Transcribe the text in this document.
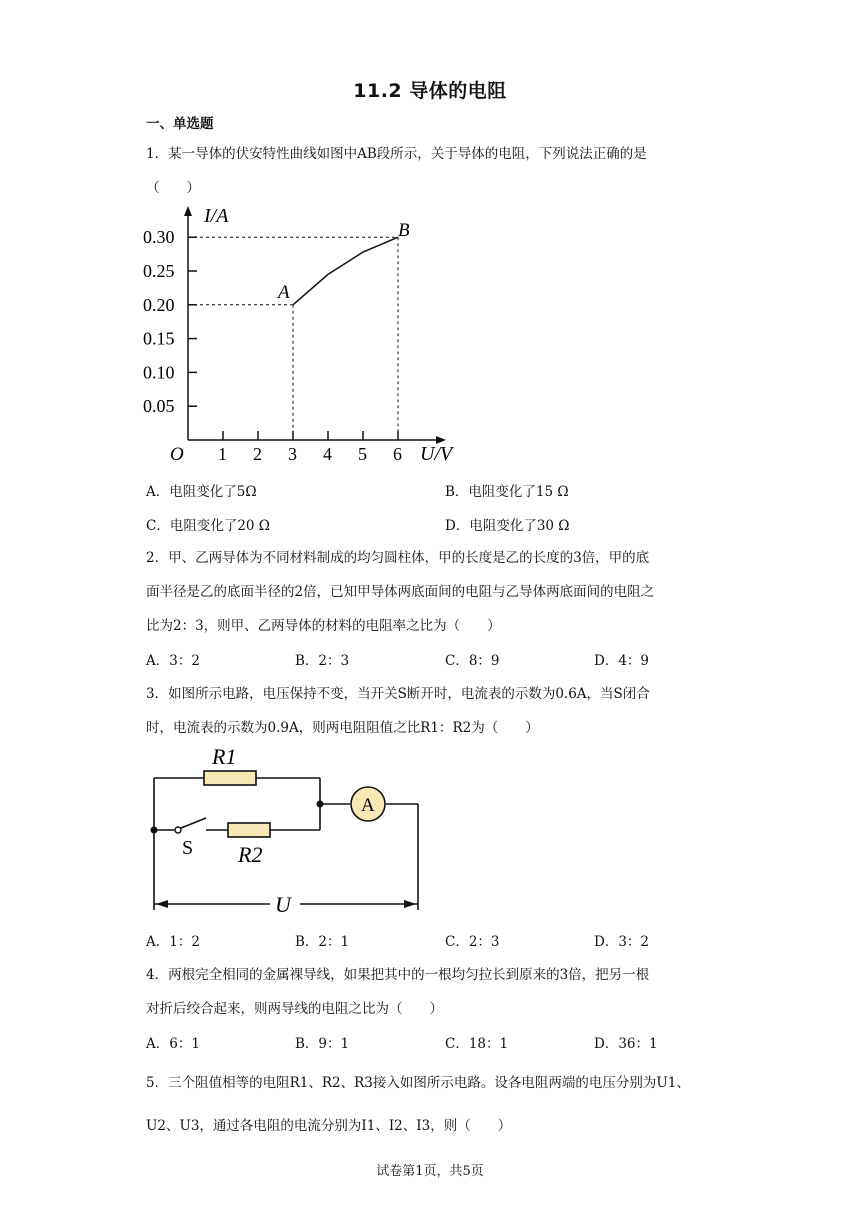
11.2 导体的电阻
一、单选题
1．某一导体的伏安特性曲线如图中AB段所示，关于导体的电阻，下列说法正确的是
（　　）
0.05
0.10
0.15
0.20
0.25
0.30
1 2 3 4 5 6
I/A
U/V
O
A
B
A．电阻变化了5Ω	B．电阻变化了15 Ω
C．电阻变化了20 Ω	D．电阻变化了30 Ω
2．甲、乙两导体为不同材料制成的均匀圆柱体，甲的长度是乙的长度的3倍，甲的底
面半径是乙的底面半径的2倍，已知甲导体两底面间的电阻与乙导体两底面间的电阻之
比为2：3，则甲、乙两导体的材料的电阻率之比为（　　）
A．3：2	B．2：3	C．8：9	D．4：9
3．如图所示电路，电压保持不变，当开关S断开时，电流表的示数为0.6A，当S闭合
时，电流表的示数为0.9A，则两电阻阻值之比R1：R2为（　　）
R1
R2
A
S
U
A．1：2	B．2：1	C．2：3	D．3：2
4．两根完全相同的金属裸导线，如果把其中的一根均匀拉长到原来的3倍，把另一根
对折后绞合起来，则两导线的电阻之比为（　　）
A．6：1	B．9：1	C．18：1	D．36：1
5．三个阻值相等的电阻R1、R2、R3接入如图所示电路。设各电阻两端的电压分别为U1、
U2、U3，通过各电阻的电流分别为I1、I2、I3，则（　　）
试卷第1页，共5页
